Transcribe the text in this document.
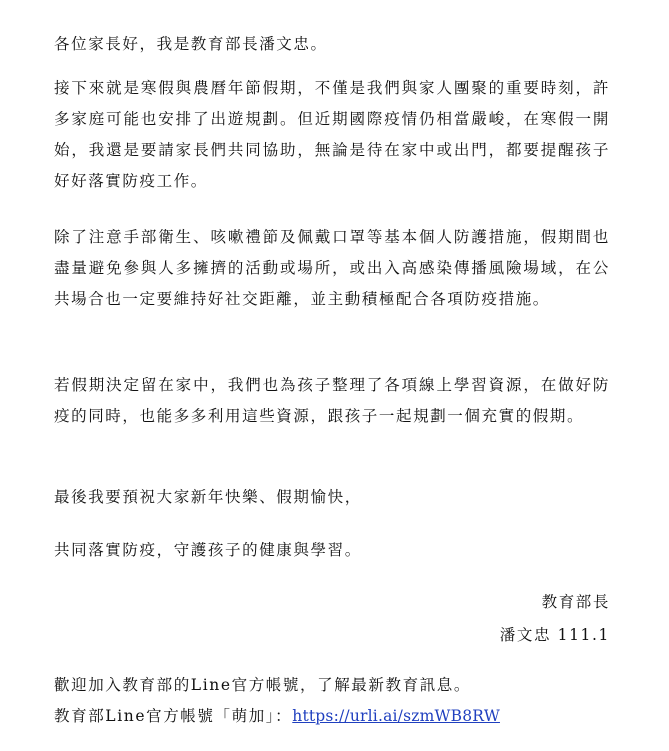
各位家長好，我是教育部長潘文忠。

接下來就是寒假與農曆年節假期，不僅是我們與家人團聚的重要時刻，許多家庭可能也安排了出遊規劃。但近期國際疫情仍相當嚴峻，在寒假一開始，我還是要請家長們共同協助，無論是待在家中或出門，都要提醒孩子好好落實防疫工作。

除了注意手部衛生、咳嗽禮節及佩戴口罩等基本個人防護措施，假期間也盡量避免參與人多擁擠的活動或場所，或出入高感染傳播風險場域，在公共場合也一定要維持好社交距離，並主動積極配合各項防疫措施。

若假期決定留在家中，我們也為孩子整理了各項線上學習資源，在做好防疫的同時，也能多多利用這些資源，跟孩子一起規劃一個充實的假期。

最後我要預祝大家新年快樂、假期愉快，
共同落實防疫，守護孩子的健康與學習。
教育部長
潘文忠 111.1
歡迎加入教育部的Line官方帳號，了解最新教育訊息。
教育部Line官方帳號「萌加」：https://urli.ai/szmWB8RW
